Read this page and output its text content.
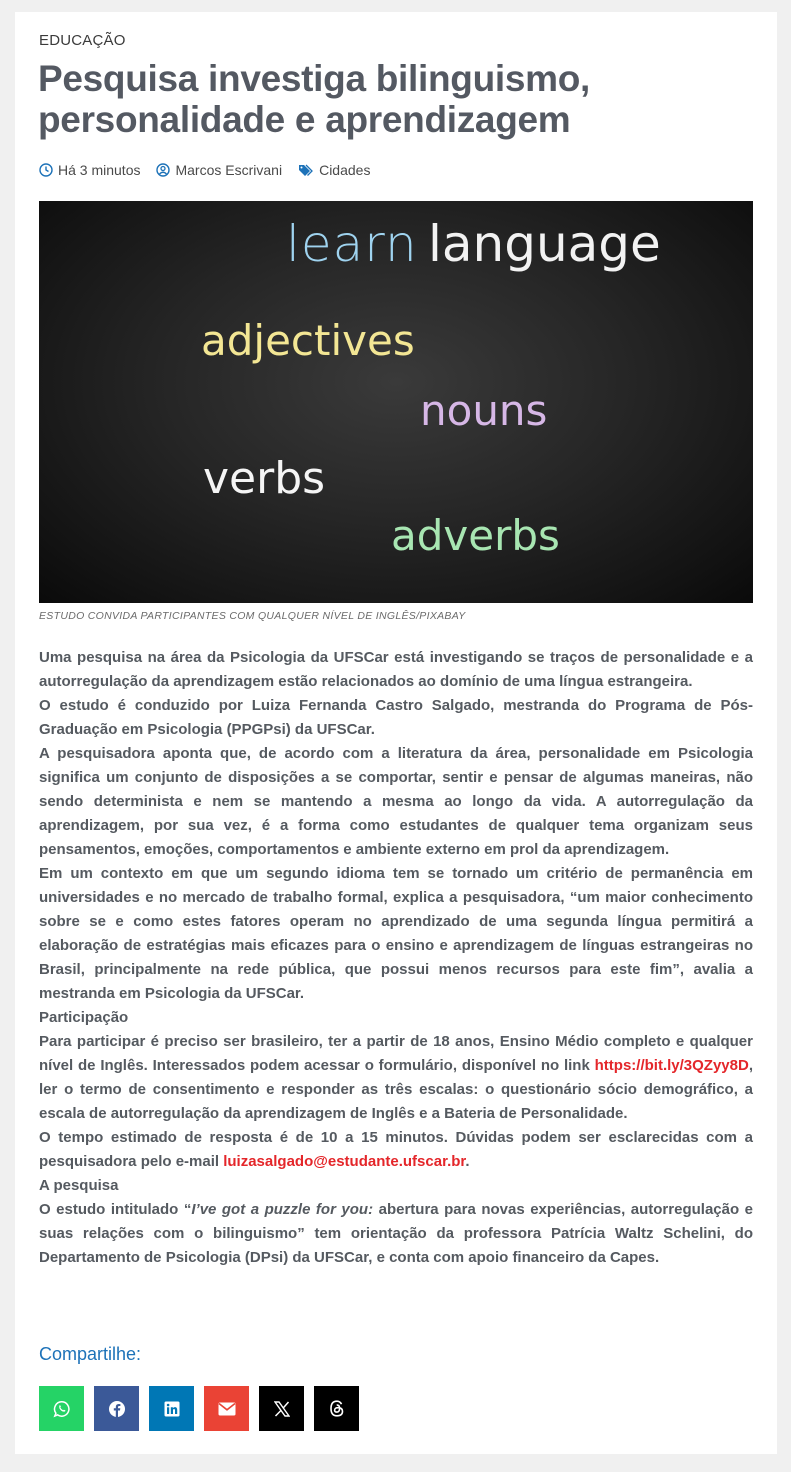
EDUCAÇÃO
Pesquisa investiga bilinguismo, personalidade e aprendizagem
Há 3 minutos	Marcos Escrivani	Cidades
learn language
adjectives
nouns
verbs
adverbs
ESTUDO CONVIDA PARTICIPANTES COM QUALQUER NÍVEL DE INGLÊS/PIXABAY

Uma pesquisa na área da Psicologia da UFSCar está investigando se traços de personalidade e a autorregulação da aprendizagem estão relacionados ao domínio de uma língua estrangeira.

O estudo é conduzido por Luiza Fernanda Castro Salgado, mestranda do Programa de Pós-Graduação em Psicologia (PPGPsi) da UFSCar.

A pesquisadora aponta que, de acordo com a literatura da área, personalidade em Psicologia significa um conjunto de disposições a se comportar, sentir e pensar de algumas maneiras, não sendo determinista e nem se mantendo a mesma ao longo da vida. A autorregulação da aprendizagem, por sua vez, é a forma como estudantes de qualquer tema organizam seus pensamentos, emoções, comportamentos e ambiente externo em prol da aprendizagem.

Em um contexto em que um segundo idioma tem se tornado um critério de permanência em universidades e no mercado de trabalho formal, explica a pesquisadora, “um maior conhecimento sobre se e como estes fatores operam no aprendizado de uma segunda língua permitirá a elaboração de estratégias mais eficazes para o ensino e aprendizagem de línguas estrangeiras no Brasil, principalmente na rede pública, que possui menos recursos para este fim”, avalia a mestranda em Psicologia da UFSCar.

Participação

Para participar é preciso ser brasileiro, ter a partir de 18 anos, Ensino Médio completo e qualquer nível de Inglês. Interessados podem acessar o formulário, disponível no link https://bit.ly/3QZyy8D, ler o termo de consentimento e responder as três escalas: o questionário sócio demográfico, a escala de autorregulação da aprendizagem de Inglês e a Bateria de Personalidade.

O tempo estimado de resposta é de 10 a 15 minutos. Dúvidas podem ser esclarecidas com a pesquisadora pelo e-mail luizasalgado@estudante.ufscar.br.

A pesquisa

O estudo intitulado “I’ve got a puzzle for you: abertura para novas experiências, autorregulação e suas relações com o bilinguismo” tem orientação da professora Patrícia Waltz Schelini, do Departamento de Psicologia (DPsi) da UFSCar, e conta com apoio financeiro da Capes.

Compartilhe:
